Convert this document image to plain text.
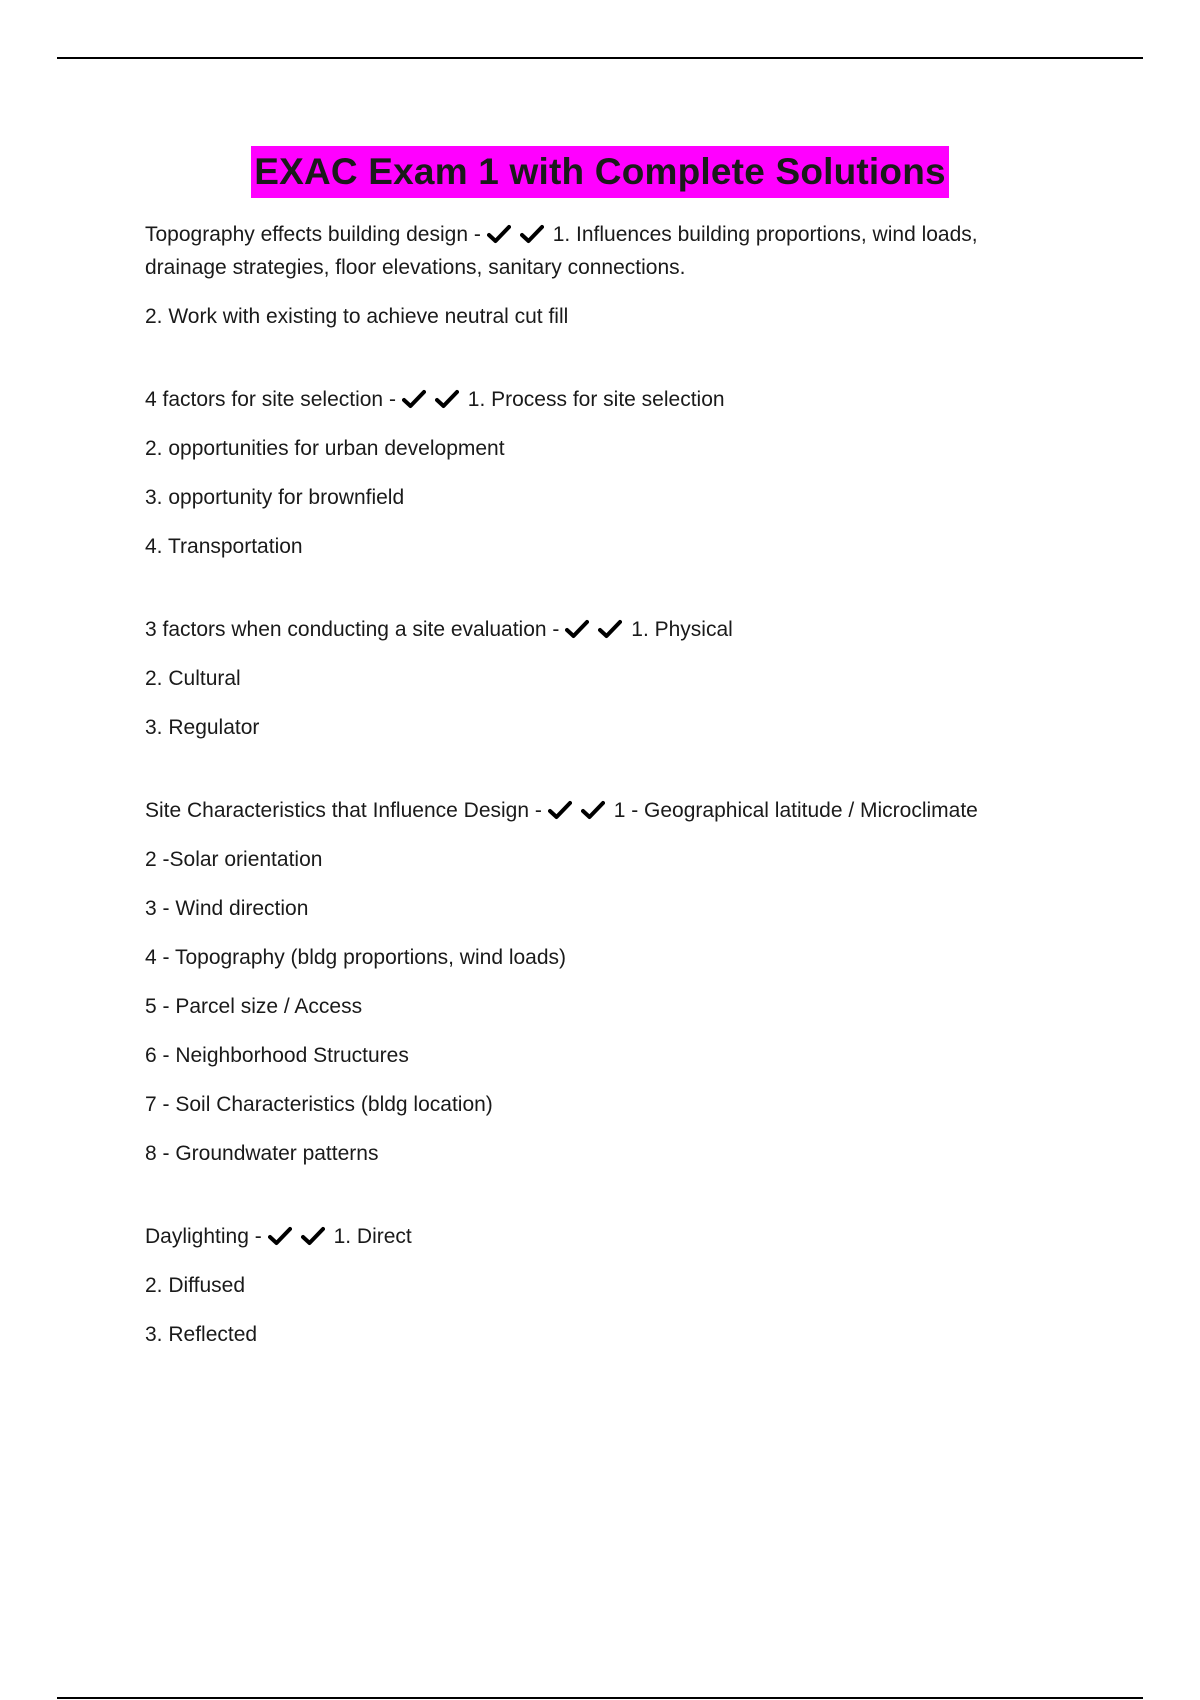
EXAC Exam 1 with Complete Solutions

Topography effects building design -	1. Influences building proportions, wind loads, drainage strategies, floor elevations, sanitary connections.

2. Work with existing to achieve neutral cut fill

4 factors for site selection -	1. Process for site selection

2. opportunities for urban development

3. opportunity for brownfield

4. Transportation

3 factors when conducting a site evaluation -	1. Physical

2. Cultural

3. Regulator

Site Characteristics that Influence Design -	1 - Geographical latitude / Microclimate

2 -Solar orientation

3 - Wind direction

4 - Topography (bldg proportions, wind loads)

5 - Parcel size / Access

6 - Neighborhood Structures

7 - Soil Characteristics (bldg location)

8 - Groundwater patterns

Daylighting -	1. Direct

2. Diffused

3. Reflected
